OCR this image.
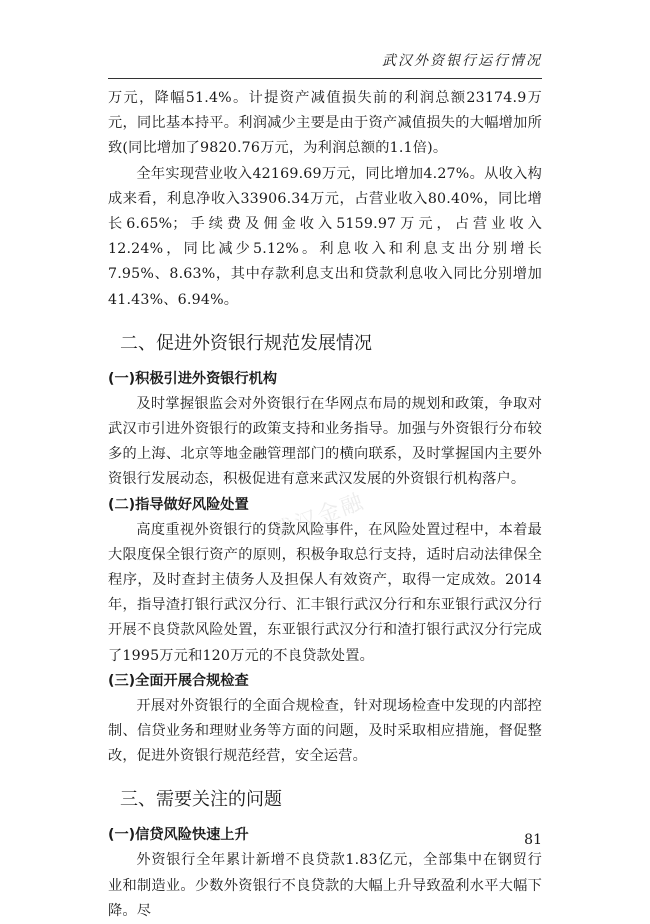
武汉外资银行运行情况
武汉金融

万元，降幅51.4%。计提资产减值损失前的利润总额23174.9万元，同比基本持平。利润减少主要是由于资产减值损失的大幅增加所致(同比增加了9820.76万元，为利润总额的1.1倍)。

全年实现营业收入42169.69万元，同比增加4.27%。从收入构成来看，利息净收入33906.34万元，占营业收入80.40%，同比增长6.65%；手续费及佣金收入5159.97万元，占营业收入12.24%，同比减少5.12%。利息收入和利息支出分别增长7.95%、8.63%，其中存款利息支出和贷款利息收入同比分别增加41.43%、6.94%。

二、促进外资银行规范发展情况
(一)积极引进外资银行机构

及时掌握银监会对外资银行在华网点布局的规划和政策，争取对武汉市引进外资银行的政策支持和业务指导。加强与外资银行分布较多的上海、北京等地金融管理部门的横向联系，及时掌握国内主要外资银行发展动态，积极促进有意来武汉发展的外资银行机构落户。

(二)指导做好风险处置

高度重视外资银行的贷款风险事件，在风险处置过程中，本着最大限度保全银行资产的原则，积极争取总行支持，适时启动法律保全程序，及时查封主债务人及担保人有效资产，取得一定成效。2014年，指导渣打银行武汉分行、汇丰银行武汉分行和东亚银行武汉分行开展不良贷款风险处置，东亚银行武汉分行和渣打银行武汉分行完成了1995万元和120万元的不良贷款处置。

(三)全面开展合规检查

开展对外资银行的全面合规检查，针对现场检查中发现的内部控制、信贷业务和理财业务等方面的问题，及时采取相应措施，督促整改，促进外资银行规范经营，安全运营。

三、需要关注的问题
(一)信贷风险快速上升

外资银行全年累计新增不良贷款1.83亿元，全部集中在钢贸行业和制造业。少数外资银行不良贷款的大幅上升导致盈利水平大幅下降。尽

81
